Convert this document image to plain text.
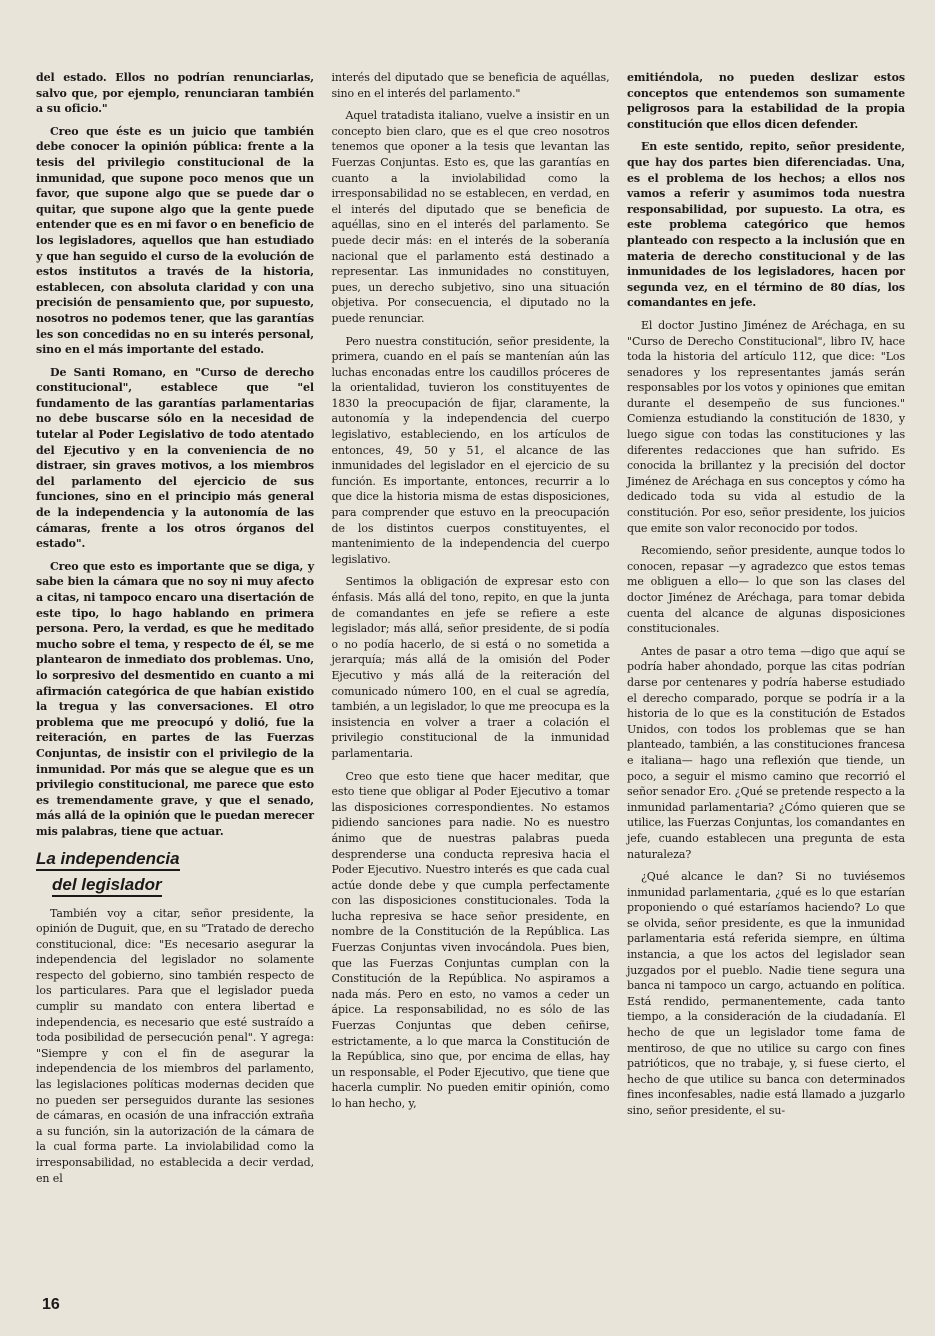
del estado. Ellos no podrían renunciarlas, salvo que, por ejemplo, renunciaran también a su oficio."

Creo que éste es un juicio que también debe conocer la opinión pública: frente a la tesis del privilegio constitucional de la inmunidad, que supone poco menos que un favor, que supone algo que se puede dar o quitar, que supone algo que la gente puede entender que es en mi favor o en beneficio de los legisladores, aquellos que han estudiado y que han seguido el curso de la evolución de estos institutos a través de la historia, establecen, con absoluta claridad y con una precisión de pensamiento que, por supuesto, nosotros no podemos tener, que las garantías les son concedidas no en su interés personal, sino en el más importante del estado.

De Santi Romano, en "Curso de derecho constitucional", establece que "el fundamento de las garantías parlamentarias no debe buscarse sólo en la necesidad de tutelar al Poder Legislativo de todo atentado del Ejecutivo y en la conveniencia de no distraer, sin graves motivos, a los miembros del parlamento del ejercicio de sus funciones, sino en el principio más general de la independencia y la autonomía de las cámaras, frente a los otros órganos del estado".

Creo que esto es importante que se diga, y sabe bien la cámara que no soy ni muy afecto a citas, ni tampoco encaro una disertación de este tipo, lo hago hablando en primera persona. Pero, la verdad, es que he meditado mucho sobre el tema, y respecto de él, se me plantearon de inmediato dos problemas. Uno, lo sorpresivo del desmentido en cuanto a mi afirmación categórica de que habían existido la tregua y las conversaciones. El otro problema que me preocupó y dolió, fue la reiteración, en partes de las Fuerzas Conjuntas, de insistir con el privilegio de la inmunidad. Por más que se alegue que es un privilegio constitucional, me parece que esto es tremendamente grave, y que el senado, más allá de la opinión que le puedan merecer mis palabras, tiene que actuar.

La independencia
del legislador

También voy a citar, señor presidente, la opinión de Duguit, que, en su "Tratado de derecho constitucional, dice: "Es necesario asegurar la independencia del legislador no solamente respecto del gobierno, sino también respecto de los particulares. Para que el legislador pueda cumplir su mandato con entera libertad e independencia, es necesario que esté sustraído a toda posibilidad de persecución penal". Y agrega: "Siempre y con el fin de asegurar la independencia de los miembros del parlamento, las legislaciones políticas modernas deciden que no pueden ser perseguidos durante las sesiones de cámaras, en ocasión de una infracción extraña a su función, sin la autorización de la cámara de la cual forma parte. La inviolabilidad como la irresponsabilidad, no establecida a decir verdad, en el

interés del diputado que se beneficia de aquéllas, sino en el interés del parlamento."

Aquel tratadista italiano, vuelve a insistir en un concepto bien claro, que es el que creo nosotros tenemos que oponer a la tesis que levantan las Fuerzas Conjuntas. Esto es, que las garantías en cuanto a la inviolabilidad como la irresponsabilidad no se establecen, en verdad, en el interés del diputado que se beneficia de aquéllas, sino en el interés del parlamento. Se puede decir más: en el interés de la soberanía nacional que el parlamento está destinado a representar. Las inmunidades no constituyen, pues, un derecho subjetivo, sino una situación objetiva. Por consecuencia, el diputado no la puede renunciar.

Pero nuestra constitución, señor presidente, la primera, cuando en el país se mantenían aún las luchas enconadas entre los caudillos próceres de la orientalidad, tuvieron los constituyentes de 1830 la preocupación de fijar, claramente, la autonomía y la independencia del cuerpo legislativo, estableciendo, en los artículos de entonces, 49, 50 y 51, el alcance de las inmunidades del legislador en el ejercicio de su función. Es importante, entonces, recurrir a lo que dice la historia misma de estas disposiciones, para comprender que estuvo en la preocupación de los distintos cuerpos constituyentes, el mantenimiento de la independencia del cuerpo legislativo.

Sentimos la obligación de expresar esto con énfasis. Más allá del tono, repito, en que la junta de comandantes en jefe se refiere a este legislador; más allá, señor presidente, de si podía o no podía hacerlo, de si está o no sometida a jerarquía; más allá de la omisión del Poder Ejecutivo y más allá de la reiteración del comunicado número 100, en el cual se agredía, también, a un legislador, lo que me preocupa es la insistencia en volver a traer a colación el privilegio constitucional de la inmunidad parlamentaria.

Creo que esto tiene que hacer meditar, que esto tiene que obligar al Poder Ejecutivo a tomar las disposiciones correspondientes. No estamos pidiendo sanciones para nadie. No es nuestro ánimo que de nuestras palabras pueda desprenderse una conducta represiva hacia el Poder Ejecutivo. Nuestro interés es que cada cual actúe donde debe y que cumpla perfectamente con las disposiciones constitucionales. Toda la lucha represiva se hace señor presidente, en nombre de la Constitución de la República. Las Fuerzas Conjuntas viven invocándola. Pues bien, que las Fuerzas Conjuntas cumplan con la Constitución de la República. No aspiramos a nada más. Pero en esto, no vamos a ceder un ápice. La responsabilidad, no es sólo de las Fuerzas Conjuntas que deben ceñirse, estrictamente, a lo que marca la Constitución de la República, sino que, por encima de ellas, hay un responsable, el Poder Ejecutivo, que tiene que hacerla cumplir. No pueden emitir opinión, como lo han hecho, y,

emitiéndola, no pueden deslizar estos conceptos que entendemos son sumamente peligrosos para la estabilidad de la propia constitución que ellos dicen defender.

En este sentido, repito, señor presidente, que hay dos partes bien diferenciadas. Una, es el problema de los hechos; a ellos nos vamos a referir y asumimos toda nuestra responsabilidad, por supuesto. La otra, es este problema categórico que hemos planteado con respecto a la inclusión que en materia de derecho constitucional y de las inmunidades de los legisladores, hacen por segunda vez, en el término de 80 días, los comandantes en jefe.

El doctor Justino Jiménez de Aréchaga, en su "Curso de Derecho Constitucional", libro IV, hace toda la historia del artículo 112, que dice: "Los senadores y los representantes jamás serán responsables por los votos y opiniones que emitan durante el desempeño de sus funciones." Comienza estudiando la constitución de 1830, y luego sigue con todas las constituciones y las diferentes redacciones que han sufrido. Es conocida la brillantez y la precisión del doctor Jiménez de Aréchaga en sus conceptos y cómo ha dedicado toda su vida al estudio de la constitución. Por eso, señor presidente, los juicios que emite son valor reconocido por todos.

Recomiendo, señor presidente, aunque todos lo conocen, repasar —y agradezco que estos temas me obliguen a ello— lo que son las clases del doctor Jiménez de Aréchaga, para tomar debida cuenta del alcance de algunas disposiciones constitucionales.

Antes de pasar a otro tema —digo que aquí se podría haber ahondado, porque las citas podrían darse por centenares y podría haberse estudiado el derecho comparado, porque se podría ir a la historia de lo que es la constitución de Estados Unidos, con todos los problemas que se han planteado, también, a las constituciones francesa e italiana— hago una reflexión que tiende, un poco, a seguir el mismo camino que recorrió el señor senador Ero. ¿Qué se pretende respecto a la inmunidad parlamentaria? ¿Cómo quieren que se utilice, las Fuerzas Conjuntas, los comandantes en jefe, cuando establecen una pregunta de esta naturaleza?

¿Qué alcance le dan? Si no tuviésemos inmunidad parlamentaria, ¿qué es lo que estarían proponiendo o qué estaríamos haciendo? Lo que se olvida, señor presidente, es que la inmunidad parlamentaria está referida siempre, en última instancia, a que los actos del legislador sean juzgados por el pueblo. Nadie tiene segura una banca ni tampoco un cargo, actuando en política. Está rendido, permanentemente, cada tanto tiempo, a la consideración de la ciudadanía. El hecho de que un legislador tome fama de mentiroso, de que no utilice su cargo con fines patrióticos, que no trabaje, y, si fuese cierto, el hecho de que utilice su banca con determinados fines inconfesables, nadie está llamado a juzgarlo sino, señor presidente, el su-

16
